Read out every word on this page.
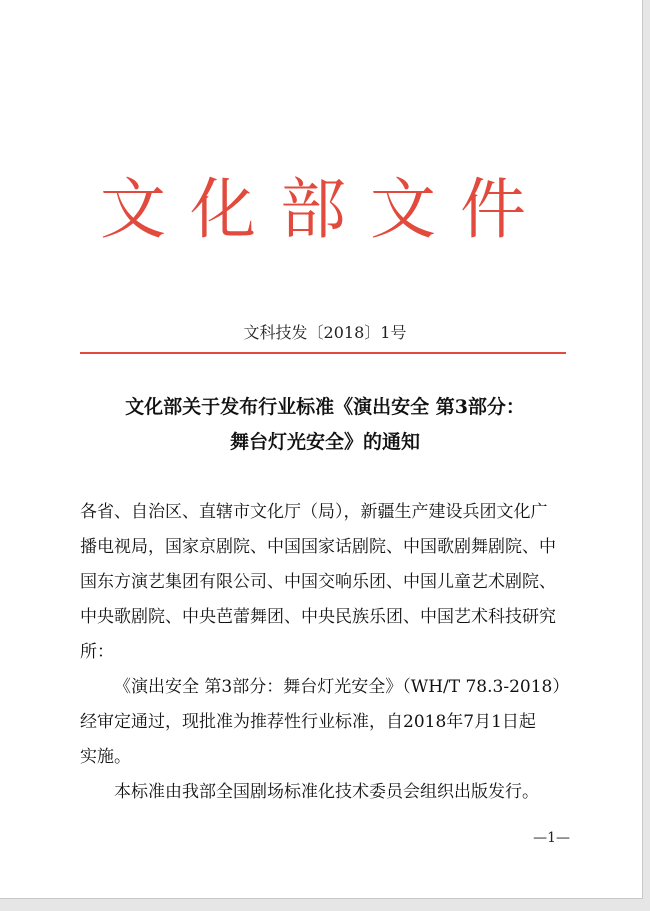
文化部文件
文科技发〔2018〕1号
文化部关于发布行业标准《演出安全 第3部分：
舞台灯光安全》的通知
各省、自治区、直辖市文化厅（局），新疆生产建设兵团文化广
播电视局，国家京剧院、中国国家话剧院、中国歌剧舞剧院、中
国东方演艺集团有限公司、中国交响乐团、中国儿童艺术剧院、
中央歌剧院、中央芭蕾舞团、中央民族乐团、中国艺术科技研究
所：
《演出安全 第3部分：舞台灯光安全》（WH/T 78.3-2018）
经审定通过，现批准为推荐性行业标准，自2018年7月1日起
实施。
本标准由我部全国剧场标准化技术委员会组织出版发行。
—1—
